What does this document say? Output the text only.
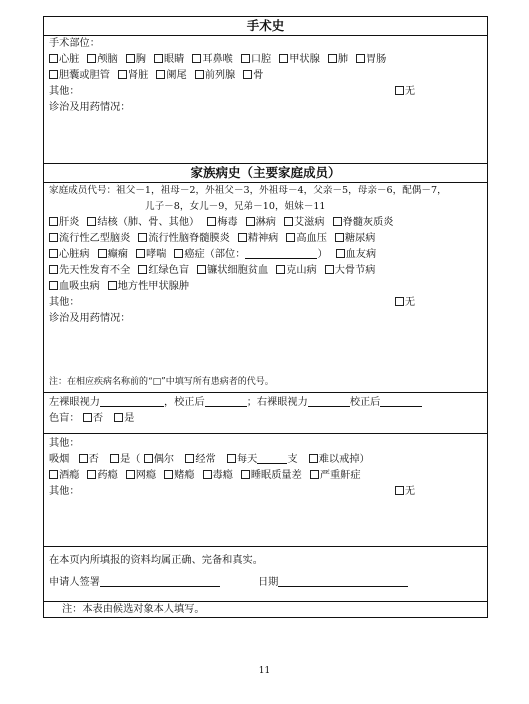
手术史
手术部位：
心脏 颅脑 胸 眼睛 耳鼻喉 口腔 甲状腺 肺 胃肠
胆囊或胆管 肾脏 阑尾 前列腺 骨
其他：	无
诊治及用药情况：
家族病史（主要家庭成员）
家庭成员代号：祖父－1，祖母－2，外祖父－3，外祖母－4，父亲－5，母亲－6，配偶－7，
儿子－8，女儿－9，兄弟－10，姐妹－11
肝炎 结核（肺、骨、其他） 梅毒 淋病 艾滋病 脊髓灰质炎
流行性乙型脑炎 流行性脑脊髓膜炎 精神病 高血压 糖尿病
心脏病 癫痫 哮喘 癌症（部位：	） 血友病
先天性发育不全 红绿色盲 镰状细胞贫血 克山病 大骨节病
血吸虫病 地方性甲状腺肿
其他：	无
诊治及用药情况：
注：在相应疾病名称前的“□”中填写所有患病者的代号。
左裸眼视力	，校正后	；右裸眼视力	校正后
色盲： 否 是
其他：
吸烟 否 是（ 偶尔 经常 每天	支 难以戒掉）
酒瘾 药瘾 网瘾 赌瘾 毒瘾 睡眠质量差 严重鼾症
其他：	无
在本页内所填报的资料均属正确、完备和真实。
申请人签署	日期
注：本表由候选对象本人填写。
11
